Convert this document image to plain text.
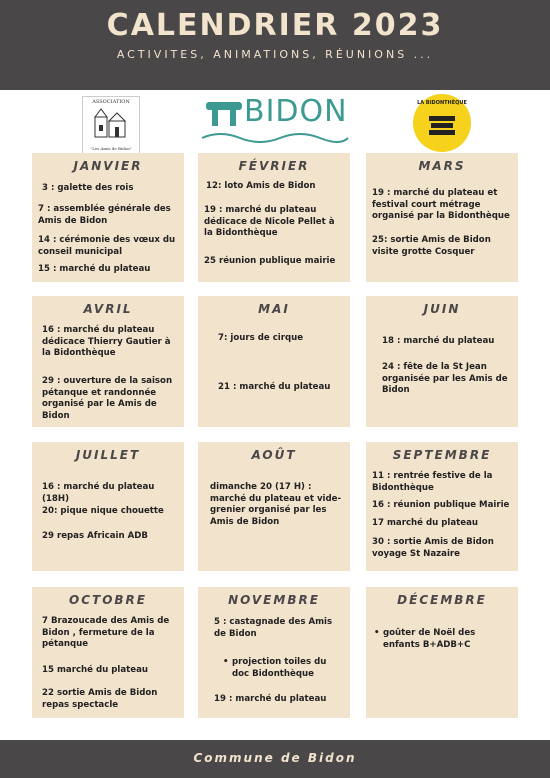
CALENDRIER 2023
ACTIVITES, ANIMATIONS, RÉUNIONS ...
ASSOCIATION
"Les Amis de Bidon"
BIDON	LA BIDONTHÈQUE
JANVIER

3 : galette des rois

7 : assemblée générale des Amis de Bidon

14 : cérémonie des vœux du conseil municipal

15 : marché du plateau

FÉVRIER

12: loto Amis de Bidon

19 : marché du plateau dédicace de Nicole Pellet à la Bidonthèque

25 réunion publique mairie

MARS

19 : marché du plateau et festival court métrage organisé par la Bidonthèque

25: sortie Amis de Bidon visite grotte Cosquer

AVRIL

16 : marché du plateau dédicace Thierry Gautier à la Bidonthèque

29 : ouverture de la saison pétanque et randonnée organisé par le Amis de Bidon

MAI

7: jours de cirque

21 : marché du plateau

JUIN

18 : marché du plateau

24 : fête de la St Jean organisée par les Amis de Bidon

JUILLET

16 : marché du plateau (18H)

20: pique nique chouette

29 repas Africain ADB

AOÛT

dimanche 20 (17 H) : marché du plateau et vide-grenier organisé par les Amis de Bidon

SEPTEMBRE

11 : rentrée festive de la Bidonthèque

16 : réunion publique Mairie

17 marché du plateau

30 : sortie Amis de Bidon voyage St Nazaire

OCTOBRE

7 Brazoucade des Amis de Bidon , fermeture de la pétanque

15 marché du plateau

22 sortie Amis de Bidon repas spectacle

NOVEMBRE

5 : castagnade des Amis de Bidon

• projection toiles du doc Bidonthèque

19 : marché du plateau

DÉCEMBRE

• goûter de Noël des enfants B+ADB+C

Commune de Bidon
